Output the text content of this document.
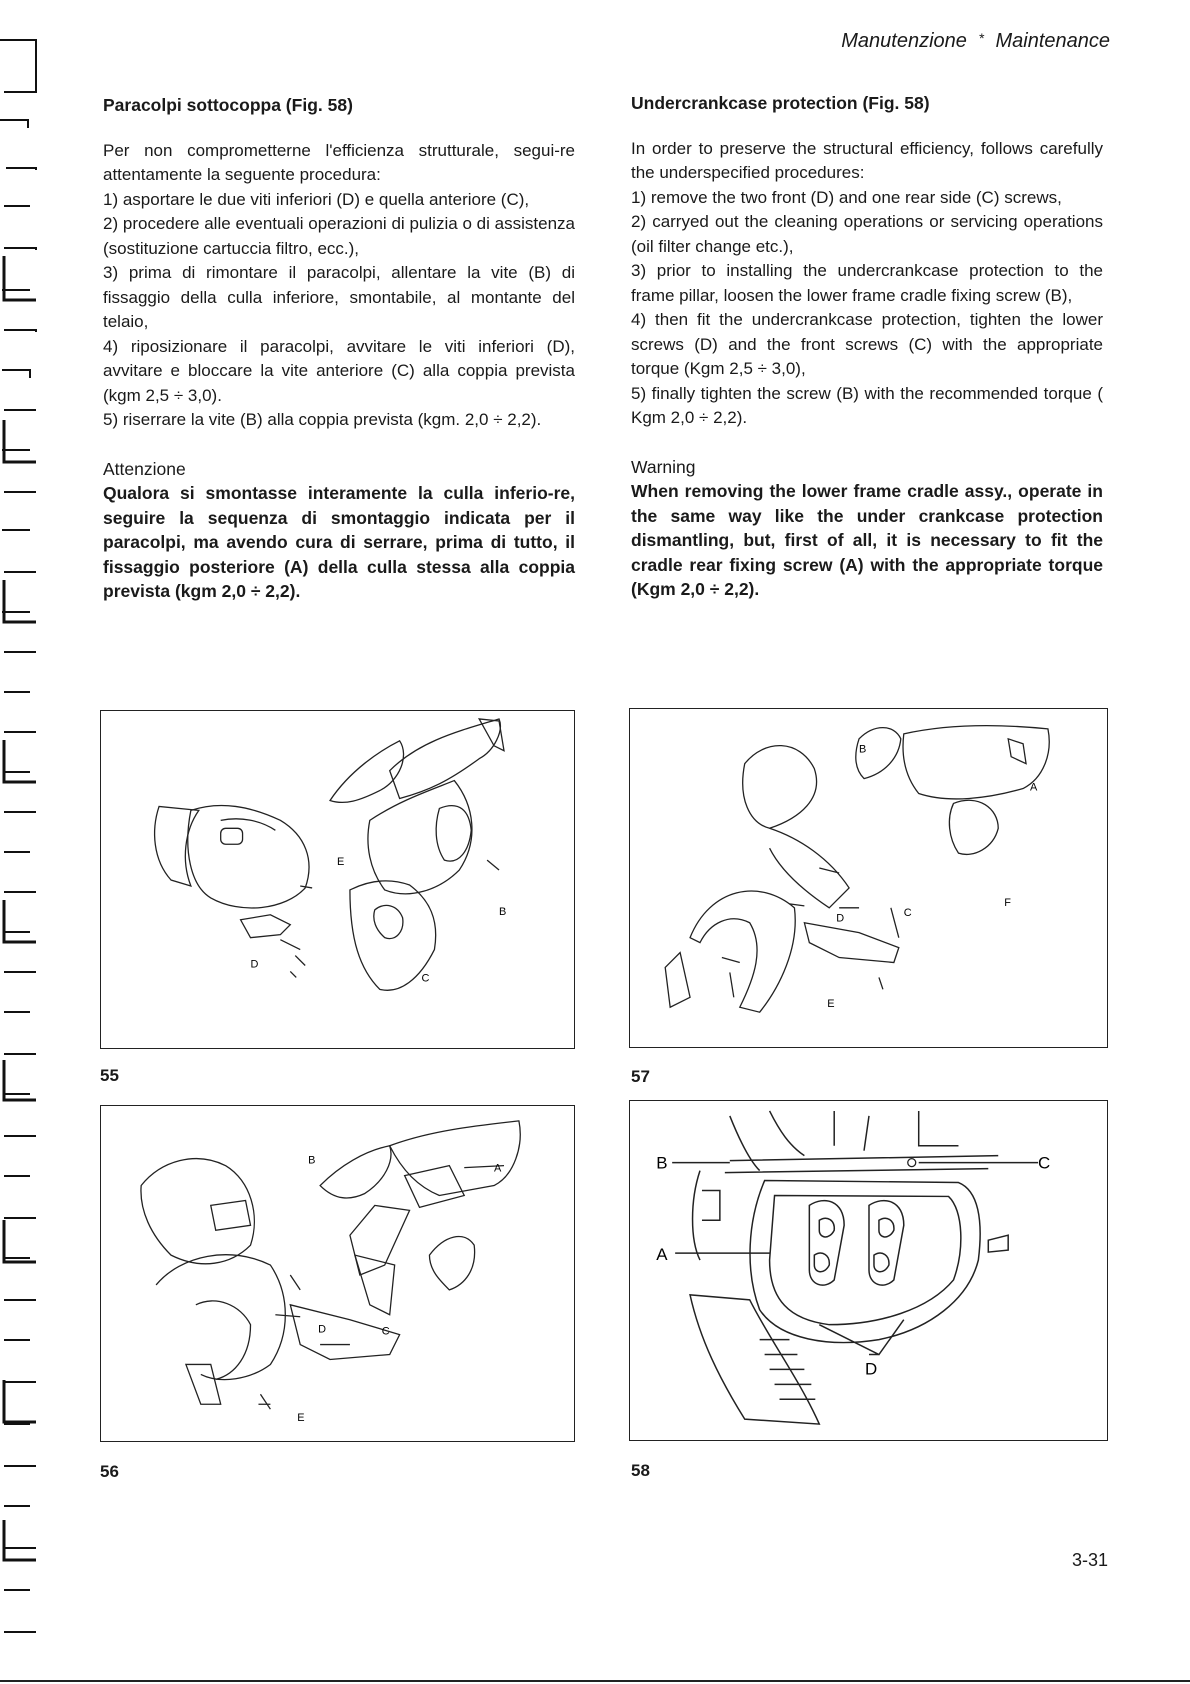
Manutenzione * Maintenance
Paracolpi sottocoppa (Fig. 58)

Per non comprometterne l'efficienza strutturale, segui-re attentamente la seguente procedura:

1) asportare le due viti inferiori (D) e quella anteriore (C),

2) procedere alle eventuali operazioni di pulizia o di assistenza (sostituzione cartuccia filtro, ecc.),

3) prima di rimontare il paracolpi, allentare la vite (B) di fissaggio della culla inferiore, smontabile, al montante del telaio,

4) riposizionare il paracolpi, avvitare le viti inferiori (D), avvitare e bloccare la vite anteriore (C) alla coppia prevista (kgm 2,5 ÷ 3,0).

5) riserrare la vite (B) alla coppia prevista (kgm. 2,0 ÷ 2,2).

Attenzione

Qualora si smontasse interamente la culla inferio-re, seguire la sequenza di smontaggio indicata per il paracolpi, ma avendo cura di serrare, prima di tutto, il fissaggio posteriore (A) della culla stessa alla coppia prevista (kgm 2,0 ÷ 2,2).

Undercrankcase protection (Fig. 58)

In order to preserve the structural efficiency, follows carefully the underspecified procedures:

1) remove the two front (D) and one rear side (C) screws,

2) carryed out the cleaning operations or servicing operations (oil filter change etc.),

3) prior to installing the undercrankcase protection to the frame pillar, loosen the lower frame cradle fixing screw (B),

4) then fit the undercrankcase protection, tighten the lower screws (D) and the front screws (C) with the appropriate torque (Kgm 2,5 ÷ 3,0),

5) finally tighten the screw (B) with the recommended torque ( Kgm 2,0 ÷ 2,2).

Warning

When removing the lower frame cradle assy., operate in the same way like the under crankcase protection dismantling, but, first of all, it is necessary to fit the cradle rear fixing screw (A) with the appropriate torque (Kgm 2,0 ÷ 2,2).

E
B
D
C
55
B
A
D	C
E
56
B
A
F
D	C
E
57
B	C
A
D
58
3-31
